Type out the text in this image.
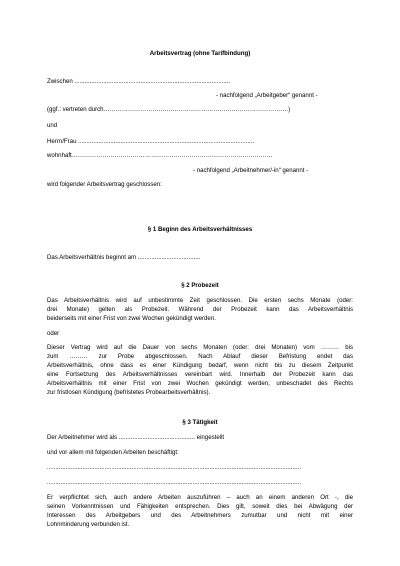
Arbeitsvertrag (ohne Tarifbindung)
Zwischen ............................................................................................
- nachfolgend „Arbeitgeber“ genannt -
(ggf.: vertreten durch……………………………………………………………………………….)
und
Herrn/Frau ........................................................................................................
wohnhaft………………………………………………………………………………………
- nachfolgend „Arbeitnehmer/-in“ genannt -
wird folgender Arbeitsvertrag geschlossen:
§ 1 Beginn des Arbeitsverhältnisses
Das Arbeitsverhältnis beginnt am .....................................
§ 2 Probezeit
Das Arbeitsverhältnis wird auf unbestimmte Zeit geschlossen. Die ersten sechs Monate (oder:
drei Monate) gelten als Probezeit. Während der Probezeit kann das Arbeitsverhältnis
beiderseits mit einer Frist von zwei Wochen gekündigt werden.
oder
Dieser Vertrag wird auf die Dauer von sechs Monaten (oder: drei Monaten) vom ……… bis
zum ……… zur Probe abgeschlossen. Nach Ablauf dieser Befristung endet das
Arbeitsverhältnis, ohne dass es einer Kündigung bedarf, wenn nicht bis zu diesem Zeitpunkt
eine Fortsetzung des Arbeitsverhältnisses vereinbart wird. Innerhalb der Probezeit kann das
Arbeitsverhältnis mit einer Frist von zwei Wochen gekündigt werden, unbeschadet des Rechts
zur fristlosen Kündigung (befristetes Probearbeitsverhältnis).
§ 3 Tätigkeit
Der Arbeitnehmer wird als ............................................. eingestellt
und vor allem mit folgenden Arbeiten beschäftigt:
......................................................................................................................................................
......................................................................................................................................................
Er verpflichtet sich, auch andere Arbeiten auszuführen – auch an einem anderen Ort -, die
seinen Vorkenntnissen und Fähigkeiten entsprechen. Dies gilt, soweit dies bei Abwägung der
Interessen des Arbeitgebers und des Arbeitnehmers zumutbar und nicht mit einer
Lohnminderung verbunden ist.
